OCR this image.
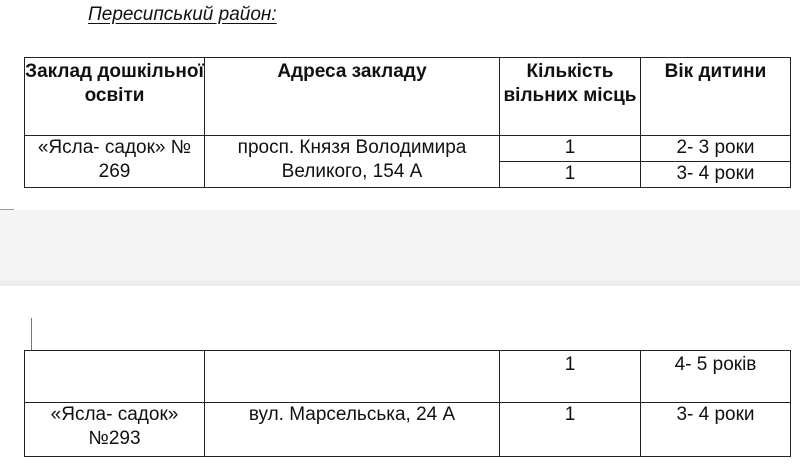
Пересипський район:
Заклад дошкільної освіти	Адреса закладу	Кількість вільних місць	Вік дитини
«Ясла- садок» № 269	просп. Князя Володимира Великого, 154 А	1	2- 3 роки
		1	3- 4 роки
		1	4- 5 років
«Ясла- садок» №293	вул. Марсельська, 24 А	1	3- 4 роки
